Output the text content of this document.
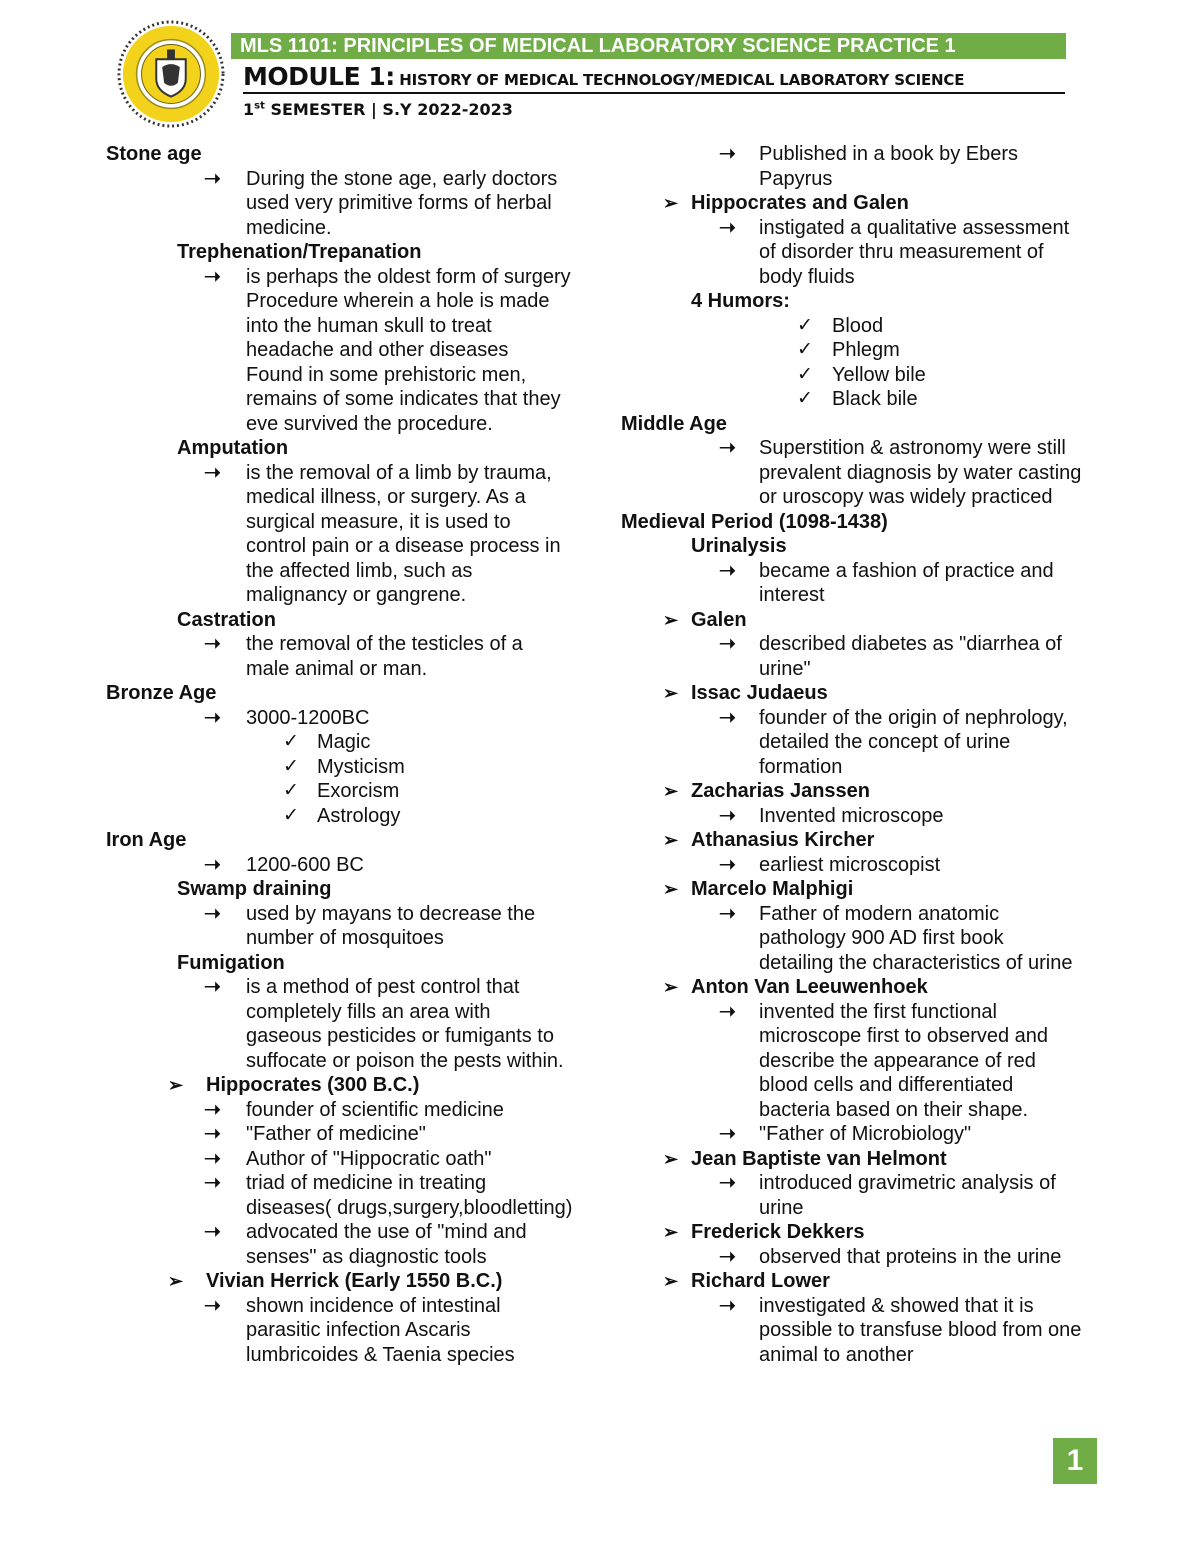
MLS 1101: PRINCIPLES OF MEDICAL LABORATORY SCIENCE PRACTICE 1
MODULE 1: HISTORY OF MEDICAL TECHNOLOGY/MEDICAL LABORATORY SCIENCE
1st SEMESTER | S.Y 2022-2023
Stone age
➝ During the stone age, early doctors
used very primitive forms of herbal
medicine.
Trephenation/Trepanation
➝ is perhaps the oldest form of surgery
Procedure wherein a hole is made
into the human skull to treat
headache and other diseases
Found in some prehistoric men,
remains of some indicates that they
eve survived the procedure.
Amputation
➝ is the removal of a limb by trauma,
medical illness, or surgery. As a
surgical measure, it is used to
control pain or a disease process in
the affected limb, such as
malignancy or gangrene.
Castration
➝ the removal of the testicles of a
male animal or man.
Bronze Age
➝ 3000-1200BC
✓ Magic
✓ Mysticism
✓ Exorcism
✓ Astrology
Iron Age
➝ 1200-600 BC
Swamp draining
➝ used by mayans to decrease the
number of mosquitoes
Fumigation
➝ is a method of pest control that
completely fills an area with
gaseous pesticides or fumigants to
suffocate or poison the pests within.
➢ Hippocrates (300 B.C.)
➝ founder of scientific medicine
➝ "Father of medicine"
➝ Author of "Hippocratic oath"
➝ triad of medicine in treating
diseases( drugs,surgery,bloodletting)
➝ advocated the use of "mind and
senses" as diagnostic tools
➢ Vivian Herrick (Early 1550 B.C.)
➝ shown incidence of intestinal
parasitic infection Ascaris
lumbricoides & Taenia species
➝ Published in a book by Ebers
Papyrus
➢ Hippocrates and Galen
➝ instigated a qualitative assessment
of disorder thru measurement of
body fluids
4 Humors:
✓ Blood
✓ Phlegm
✓ Yellow bile
✓ Black bile
Middle Age
➝ Superstition & astronomy were still
prevalent diagnosis by water casting
or uroscopy was widely practiced
Medieval Period (1098-1438)
Urinalysis
➝ became a fashion of practice and
interest
➢ Galen
➝ described diabetes as "diarrhea of
urine"
➢ Issac Judaeus
➝ founder of the origin of nephrology,
detailed the concept of urine
formation
➢ Zacharias Janssen
➝ Invented microscope
➢ Athanasius Kircher
➝ earliest microscopist
➢ Marcelo Malphigi
➝ Father of modern anatomic
pathology 900 AD first book
detailing the characteristics of urine
➢ Anton Van Leeuwenhoek
➝ invented the first functional
microscope first to observed and
describe the appearance of red
blood cells and differentiated
bacteria based on their shape.
➝ "Father of Microbiology"
➢ Jean Baptiste van Helmont
➝ introduced gravimetric analysis of
urine
➢ Frederick Dekkers
➝ observed that proteins in the urine
➢ Richard Lower
➝ investigated & showed that it is
possible to transfuse blood from one
animal to another
1
